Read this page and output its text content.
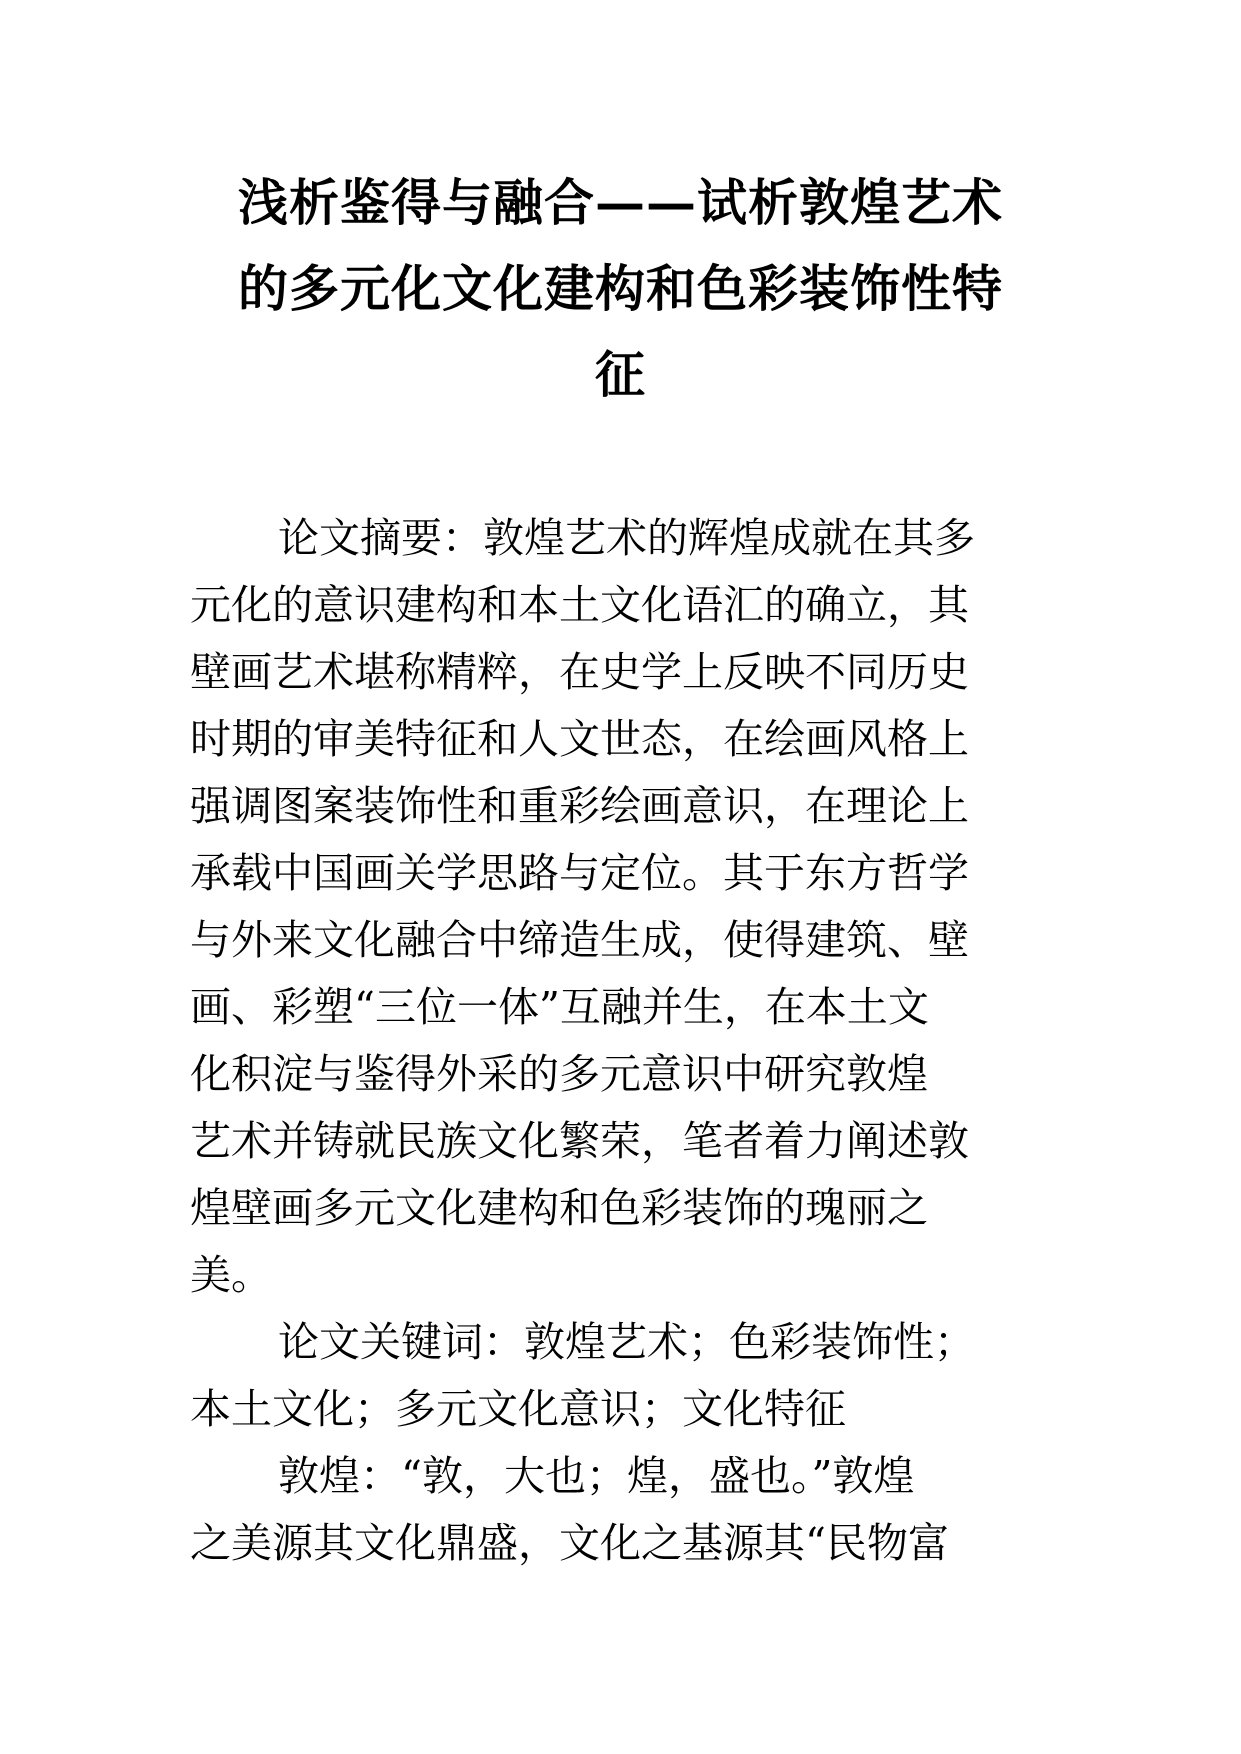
浅析鉴得与融合——试析敦煌艺术
的多元化文化建构和色彩装饰性特
征
论文摘要：敦煌艺术的辉煌成就在其多
元化的意识建构和本土文化语汇的确立，其
壁画艺术堪称精粹，在史学上反映不同历史
时期的审美特征和人文世态，在绘画风格上
强调图案装饰性和重彩绘画意识，在理论上
承载中国画关学思路与定位。其于东方哲学
与外来文化融合中缔造生成，使得建筑、壁
画、彩塑“三位一体”互融并生，在本土文
化积淀与鉴得外采的多元意识中研究敦煌
艺术并铸就民族文化繁荣，笔者着力阐述敦
煌壁画多元文化建构和色彩装饰的瑰丽之
美。
论文关键词：敦煌艺术；色彩装饰性；
本土文化；多元文化意识；文化特征
敦煌：“敦，大也；煌，盛也。”敦煌
之美源其文化鼎盛，文化之基源其“民物富
